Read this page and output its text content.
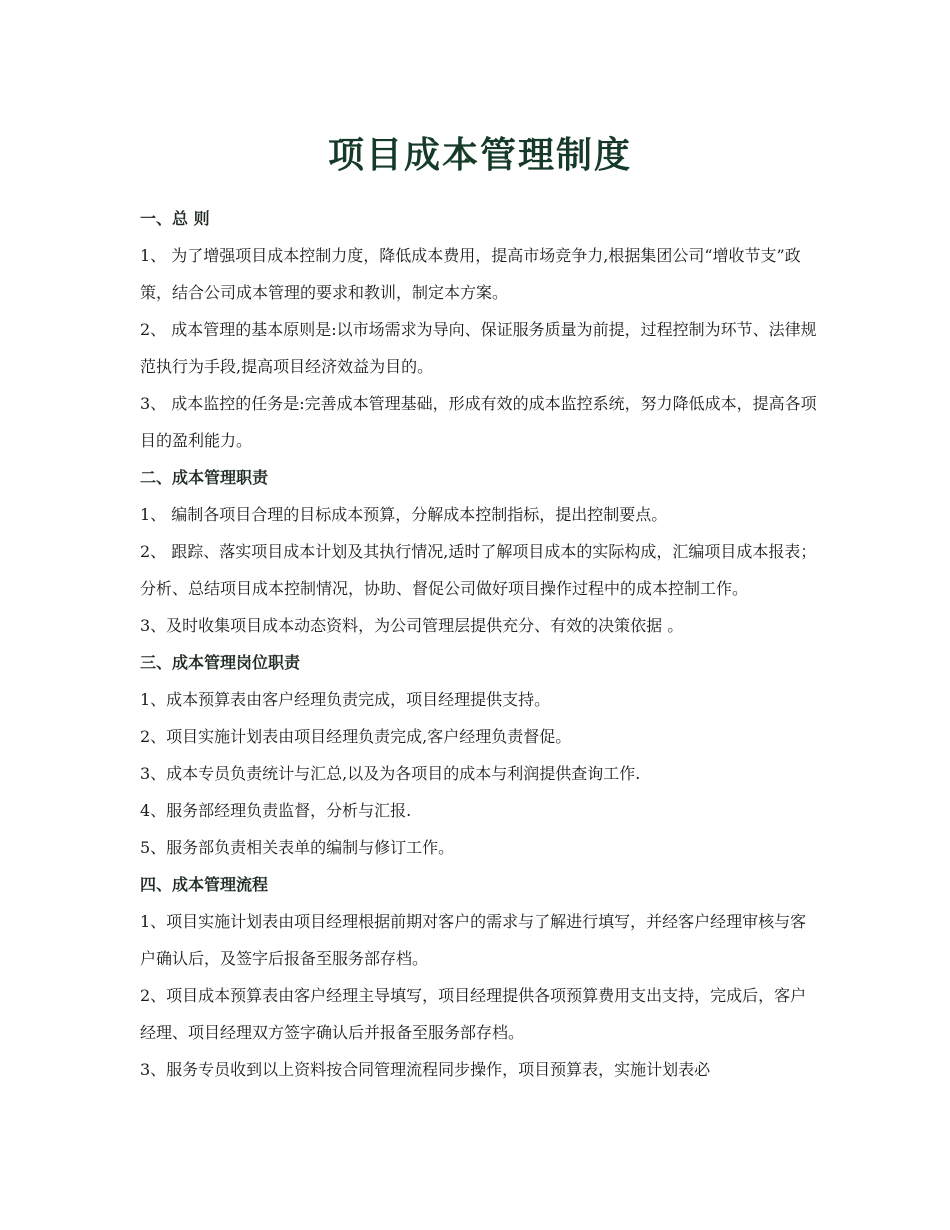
项目成本管理制度

一、总 则

1、 为了增强项目成本控制力度，降低成本费用，提高市场竞争力,根据集团公司“增收节支”政策，结合公司成本管理的要求和教训，制定本方案。

2、 成本管理的基本原则是:以市场需求为导向、保证服务质量为前提，过程控制为环节、法律规范执行为手段,提高项目经济效益为目的。

3、 成本监控的任务是:完善成本管理基础，形成有效的成本监控系统，努力降低成本，提高各项目的盈利能力。

二、成本管理职责

1、 编制各项目合理的目标成本预算，分解成本控制指标，提出控制要点。

2、 跟踪、落实项目成本计划及其执行情况,适时了解项目成本的实际构成，汇编项目成本报表；分析、总结项目成本控制情况，协助、督促公司做好项目操作过程中的成本控制工作。

3、及时收集项目成本动态资料，为公司管理层提供充分、有效的决策依据 。

三、成本管理岗位职责

1、成本预算表由客户经理负责完成，项目经理提供支持。

2、项目实施计划表由项目经理负责完成,客户经理负责督促。

3、成本专员负责统计与汇总,以及为各项目的成本与利润提供查询工作.

4、服务部经理负责监督，分析与汇报.

5、服务部负责相关表单的编制与修订工作。

四、成本管理流程

1、项目实施计划表由项目经理根据前期对客户的需求与了解进行填写，并经客户经理审核与客户确认后，及签字后报备至服务部存档。

2、项目成本预算表由客户经理主导填写，项目经理提供各项预算费用支出支持，完成后，客户经理、项目经理双方签字确认后并报备至服务部存档。

3、服务专员收到以上资料按合同管理流程同步操作，项目预算表，实施计划表必
